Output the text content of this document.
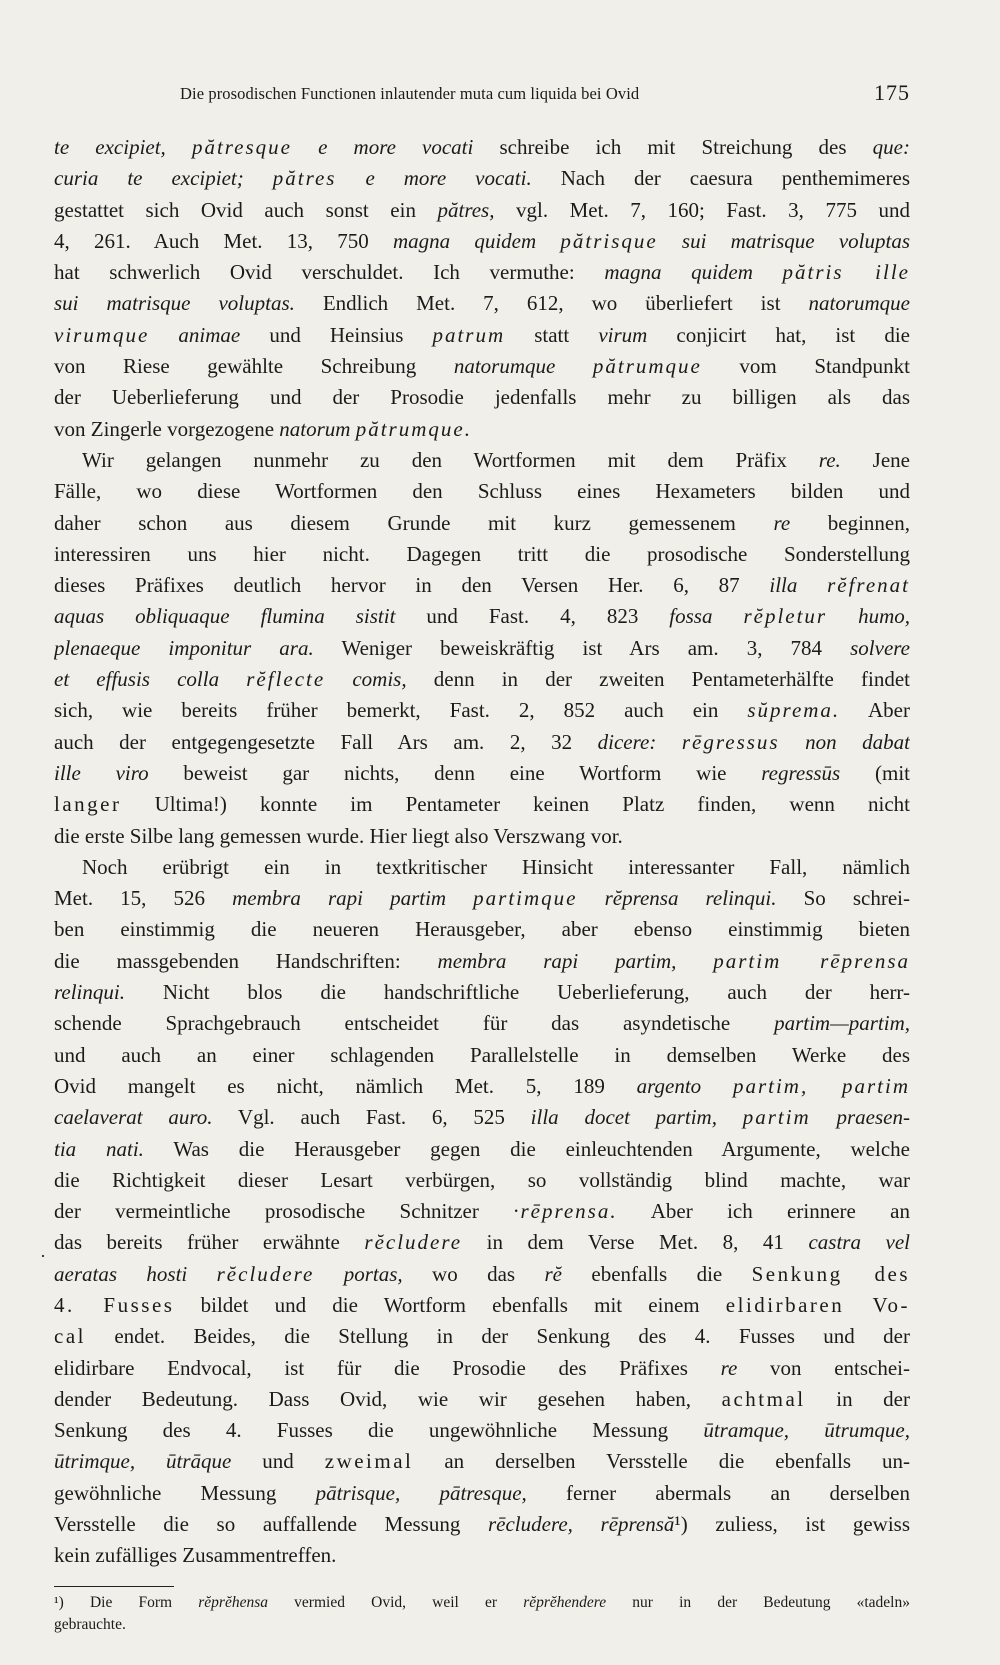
Die prosodischen Functionen inlautender muta cum liquida bei Ovid	175
·
te excipiet, pătresque e more vocati schreibe ich mit Streichung des que:
curia te excipiet; pătres e more vocati. Nach der caesura penthemimeres
gestattet sich Ovid auch sonst ein pătres, vgl. Met. 7, 160; Fast. 3, 775 und
4, 261. Auch Met. 13, 750 magna quidem pătrisque sui matrisque voluptas
hat schwerlich Ovid verschuldet. Ich vermuthe: magna quidem pătris ille
sui matrisque voluptas. Endlich Met. 7, 612, wo überliefert ist natorumque
virumque animae und Heinsius patrum statt virum conjicirt hat, ist die
von Riese gewählte Schreibung natorumque pătrumque vom Standpunkt
der Ueberlieferung und der Prosodie jedenfalls mehr zu billigen als das
von Zingerle vorgezogene natorum pătrumque.
Wir gelangen nunmehr zu den Wortformen mit dem Präfix re. Jene
Fälle, wo diese Wortformen den Schluss eines Hexameters bilden und
daher schon aus diesem Grunde mit kurz gemessenem re beginnen,
interessiren uns hier nicht. Dagegen tritt die prosodische Sonderstellung
dieses Präfixes deutlich hervor in den Versen Her. 6, 87 illa rĕfrenat
aquas obliquaque flumina sistit und Fast. 4, 823 fossa rĕpletur humo,
plenaeque imponitur ara. Weniger beweiskräftig ist Ars am. 3, 784 solvere
et effusis colla rĕflecte comis, denn in der zweiten Pentameterhälfte findet
sich, wie bereits früher bemerkt, Fast. 2, 852 auch ein sŭprema. Aber
auch der entgegengesetzte Fall Ars am. 2, 32 dicere: rēgressus non dabat
ille viro beweist gar nichts, denn eine Wortform wie regressūs (mit
langer Ultima!) konnte im Pentameter keinen Platz finden, wenn nicht
die erste Silbe lang gemessen wurde. Hier liegt also Verszwang vor.
Noch erübrigt ein in textkritischer Hinsicht interessanter Fall, nämlich
Met. 15, 526 membra rapi partim partimque rĕprensa relinqui. So schrei-
ben einstimmig die neueren Herausgeber, aber ebenso einstimmig bieten
die massgebenden Handschriften: membra rapi partim, partim rēprensa
relinqui. Nicht blos die handschriftliche Ueberlieferung, auch der herr-
schende Sprachgebrauch entscheidet für das asyndetische partim—partim,
und auch an einer schlagenden Parallelstelle in demselben Werke des
Ovid mangelt es nicht, nämlich Met. 5, 189 argento partim, partim
caelaverat auro. Vgl. auch Fast. 6, 525 illa docet partim, partim praesen-
tia nati. Was die Herausgeber gegen die einleuchtenden Argumente, welche
die Richtigkeit dieser Lesart verbürgen, so vollständig blind machte, war
der vermeintliche prosodische Schnitzer ·rēprensa. Aber ich erinnere an
das bereits früher erwähnte rĕcludere in dem Verse Met. 8, 41 castra vel
aeratas hosti rĕcludere portas, wo das rĕ ebenfalls die Senkung des
4. Fusses bildet und die Wortform ebenfalls mit einem elidirbaren Vo-
cal endet. Beides, die Stellung in der Senkung des 4. Fusses und der
elidirbare Endvocal, ist für die Prosodie des Präfixes re von entschei-
dender Bedeutung. Dass Ovid, wie wir gesehen haben, achtmal in der
Senkung des 4. Fusses die ungewöhnliche Messung ūtramque, ūtrumque,
ūtrimque, ūtrāque und zweimal an derselben Versstelle die ebenfalls un-
gewöhnliche Messung pātrisque, pātresque, ferner abermals an derselben
Versstelle die so auffallende Messung rēcludere, rēprensă¹) zuliess, ist gewiss
kein zufälliges Zusammentreffen.
¹) Die Form rĕprĕhensa vermied Ovid, weil er rĕprĕhendere nur in der Bedeutung «tadeln»
gebrauchte.
